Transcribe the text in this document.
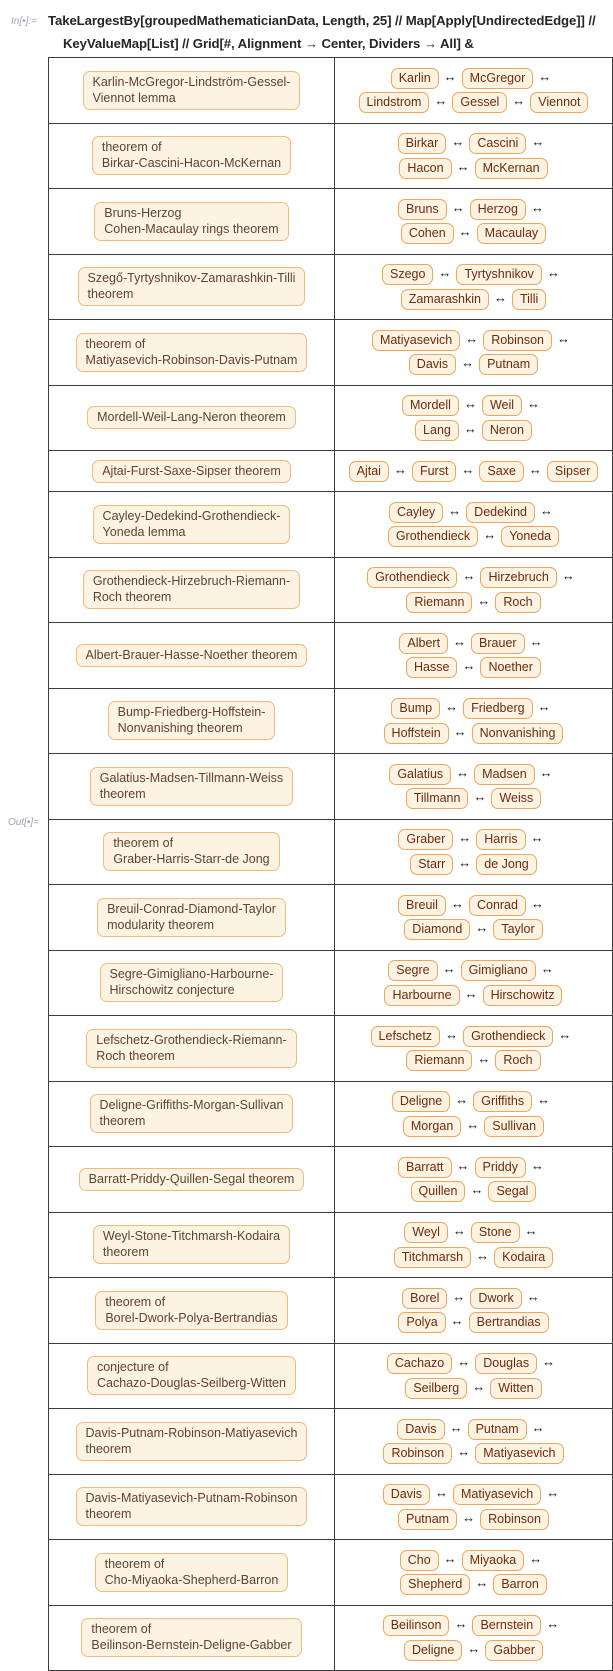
In[•]:= TakeLargestBy[groupedMathematicianData, Length, 25] // Map[Apply[UndirectedEdge]] //
KeyValueMap[List] // Grid[#, Alignment → Center, Dividers → All] &
Out[•]=
Karlin-McGregor-Lindström-Gessel-
Viennot lemma

Karlin ↔ McGregor ↔
Lindstrom ↔ Gessel ↔ Viennot

theorem of
Birkar-Cascini-Hacon-McKernan

Birkar ↔ Cascini ↔
Hacon ↔ McKernan

Bruns-Herzog
Cohen-Macaulay rings theorem

Bruns ↔ Herzog ↔
Cohen ↔ Macaulay

Szegő-Tyrtyshnikov-Zamarashkin-Tilli
theorem

Szego ↔ Tyrtyshnikov ↔
Zamarashkin ↔ Tilli

theorem of
Matiyasevich-Robinson-Davis-Putnam

Matiyasevich ↔ Robinson ↔
Davis ↔ Putnam

Mordell-Weil-Lang-Neron theorem	Mordell ↔ Weil ↔
Lang ↔ Neron

Ajtai-Furst-Saxe-Sipser theorem	Ajtai ↔ Furst ↔ Saxe ↔ Sipser

Cayley-Dedekind-Grothendieck-
Yoneda lemma

Cayley ↔ Dedekind ↔
Grothendieck ↔ Yoneda

Grothendieck-Hirzebruch-Riemann-
Roch theorem

Grothendieck ↔ Hirzebruch ↔
Riemann ↔ Roch

Albert-Brauer-Hasse-Noether theorem	Albert ↔ Brauer ↔
Hasse ↔ Noether

Bump-Friedberg-Hoffstein-
Nonvanishing theorem

Bump ↔ Friedberg ↔
Hoffstein ↔ Nonvanishing

Galatius-Madsen-Tillmann-Weiss
theorem

Galatius ↔ Madsen ↔
Tillmann ↔ Weiss

theorem of
Graber-Harris-Starr-de Jong

Graber ↔ Harris ↔
Starr ↔ de Jong

Breuil-Conrad-Diamond-Taylor
modularity theorem

Breuil ↔ Conrad ↔
Diamond ↔ Taylor

Segre-Gimigliano-Harbourne-
Hirschowitz conjecture

Segre ↔ Gimigliano ↔
Harbourne ↔ Hirschowitz

Lefschetz-Grothendieck-Riemann-
Roch theorem

Lefschetz ↔ Grothendieck ↔
Riemann ↔ Roch

Deligne-Griffiths-Morgan-Sullivan
theorem

Deligne ↔ Griffiths ↔
Morgan ↔ Sullivan

Barratt-Priddy-Quillen-Segal theorem	Barratt ↔ Priddy ↔
Quillen ↔ Segal

Weyl-Stone-Titchmarsh-Kodaira
theorem

Weyl ↔ Stone ↔
Titchmarsh ↔ Kodaira

theorem of
Borel-Dwork-Polya-Bertrandias

Borel ↔ Dwork ↔
Polya ↔ Bertrandias

conjecture of
Cachazo-Douglas-Seilberg-Witten

Cachazo ↔ Douglas ↔
Seilberg ↔ Witten

Davis-Putnam-Robinson-Matiyasevich
theorem

Davis ↔ Putnam ↔
Robinson ↔ Matiyasevich

Davis-Matiyasevich-Putnam-Robinson
theorem

Davis ↔ Matiyasevich ↔
Putnam ↔ Robinson

theorem of
Cho-Miyaoka-Shepherd-Barron

Cho ↔ Miyaoka ↔
Shepherd ↔ Barron

theorem of
Beilinson-Bernstein-Deligne-Gabber

Beilinson ↔ Bernstein ↔
Deligne ↔ Gabber
